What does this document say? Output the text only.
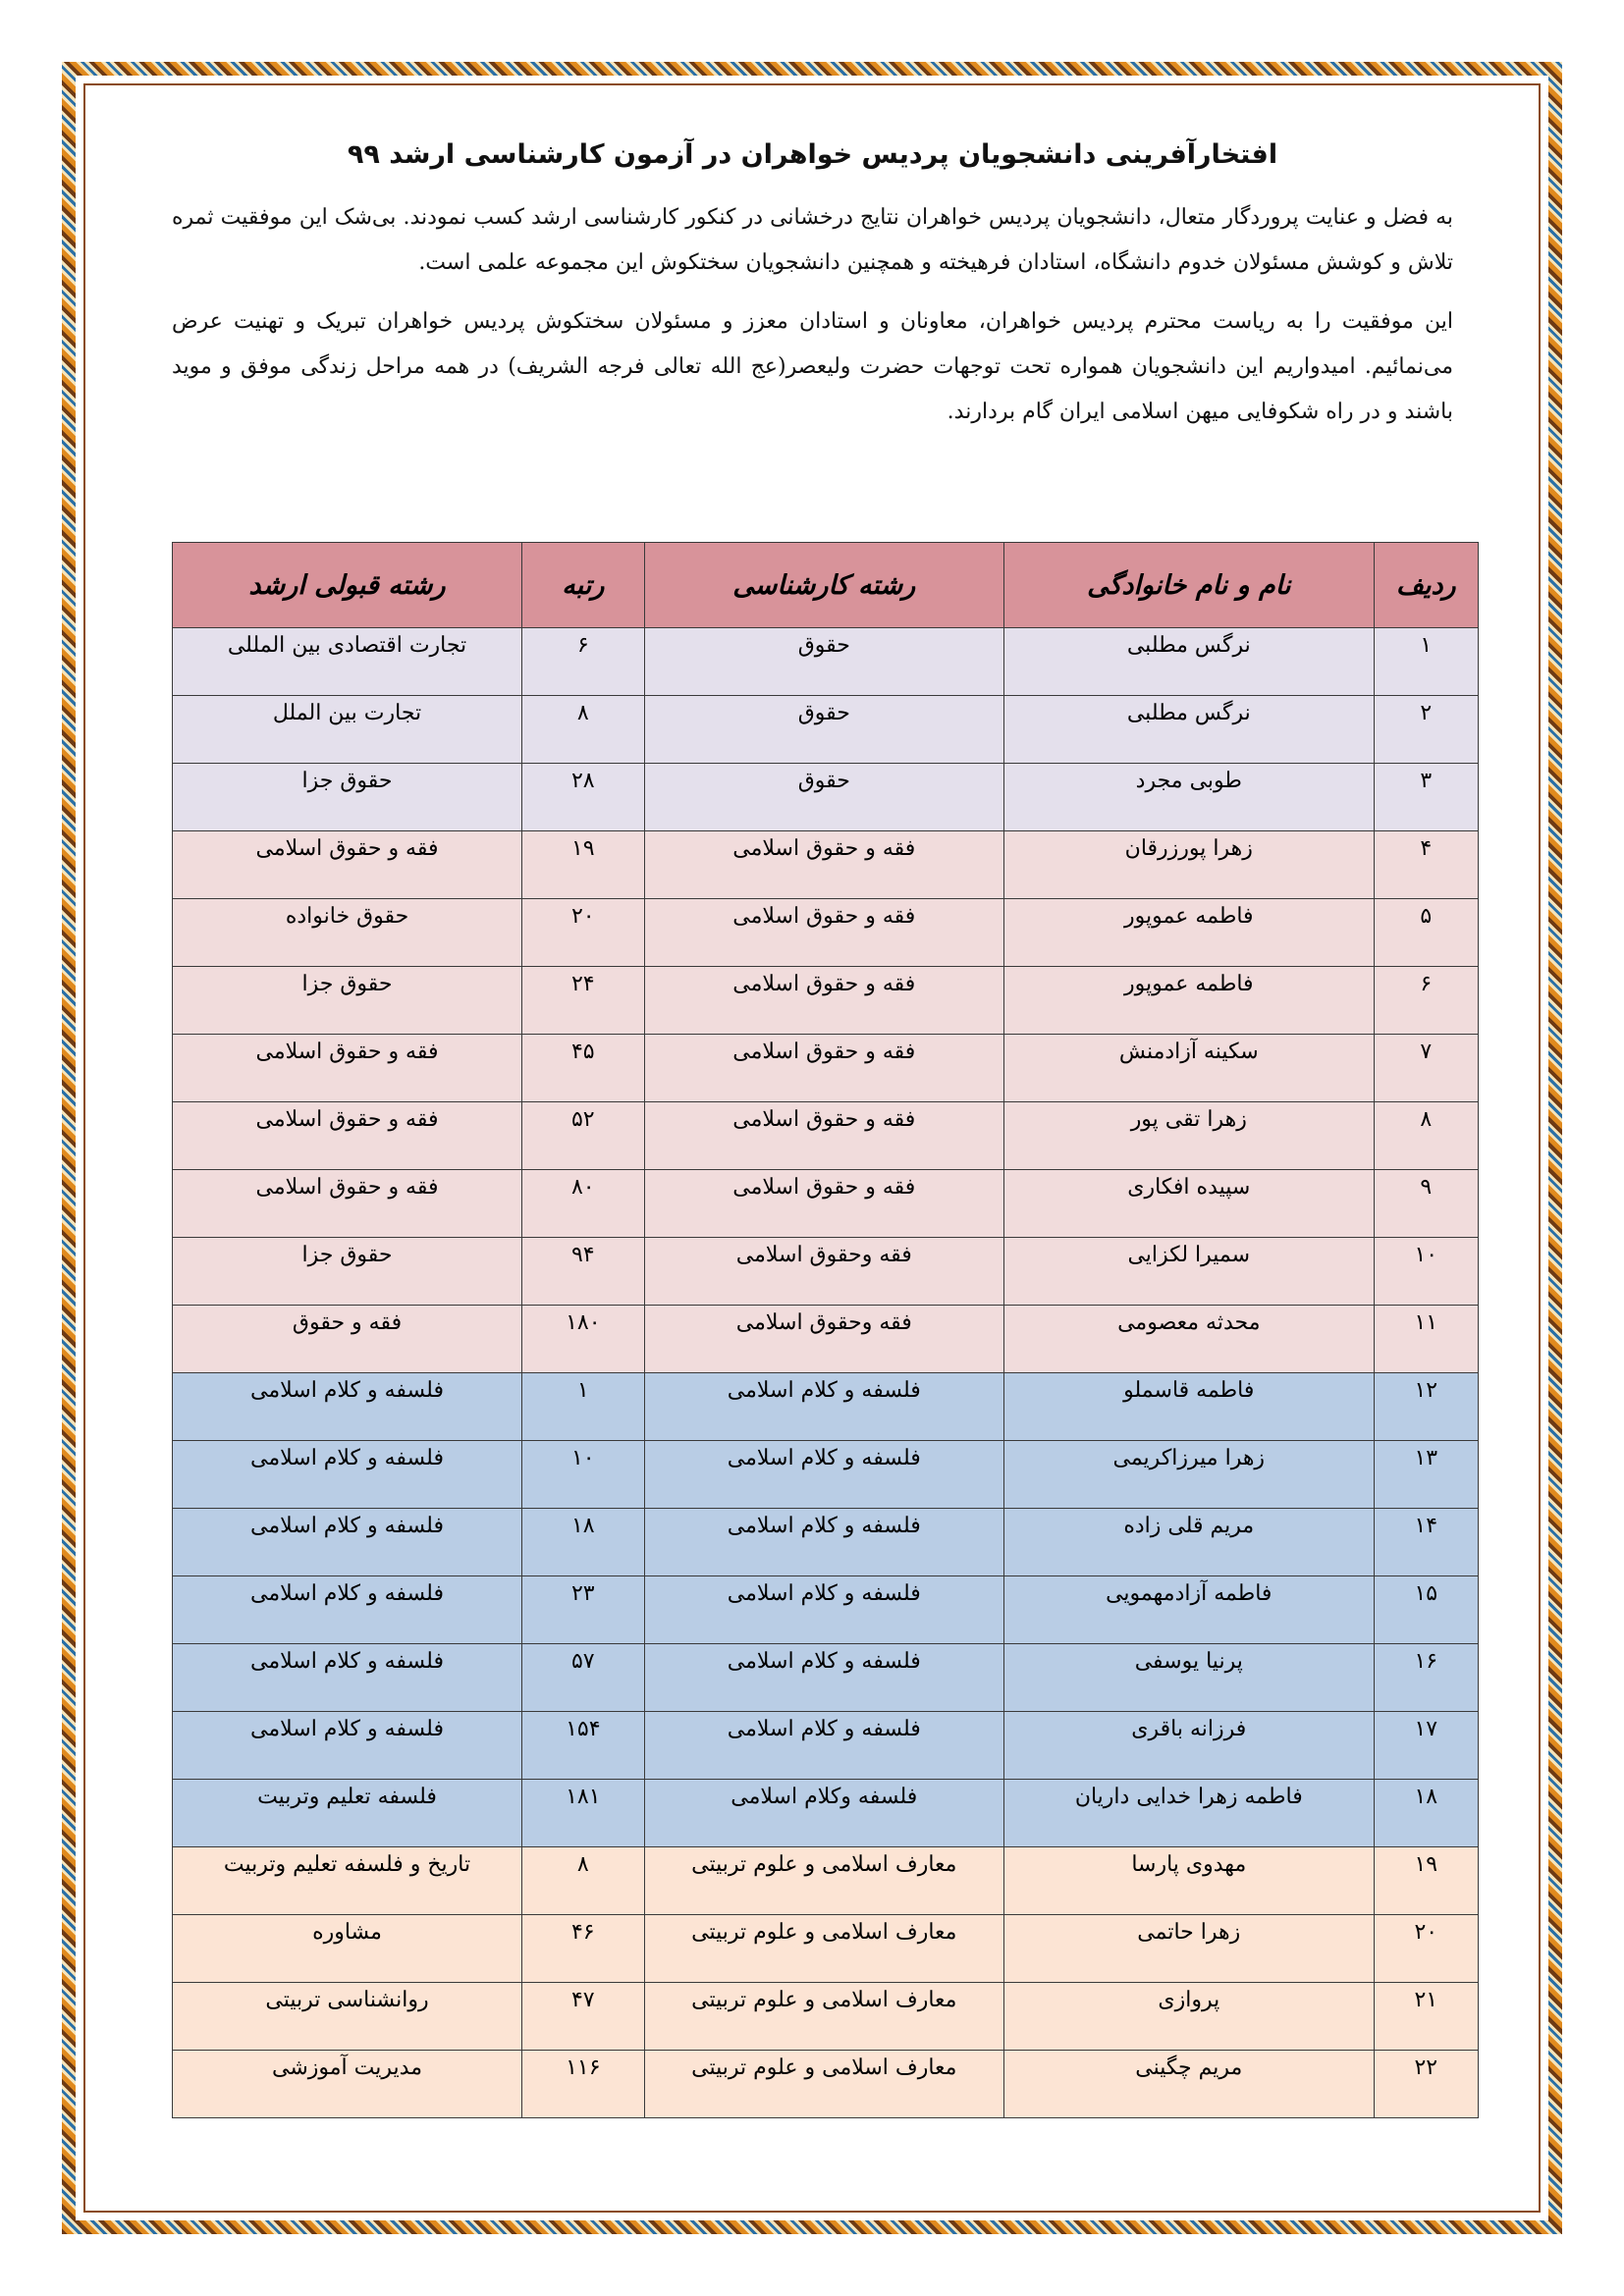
افتخارآفرینی دانشجویان پردیس خواهران در آزمون کارشناسی ارشد ۹۹

به فضل و عنایت پروردگار متعال، دانشجویان پردیس خواهران نتایج درخشانی در کنکور کارشناسی ارشد کسب نمودند. بی‌شک این موفقیت ثمره تلاش و کوشش مسئولان خدوم دانشگاه، استادان فرهیخته و همچنین دانشجویان سختکوش این مجموعه علمی است.

این موفقیت را به ریاست محترم پردیس خواهران، معاونان و استادان معزز و مسئولان سختکوش پردیس خواهران تبریک و تهنیت عرض می‌نمائیم. امیدواریم این دانشجویان همواره تحت توجهات حضرت ولیعصر(عج الله تعالی فرجه الشریف) در همه مراحل زندگی موفق و موید باشند و در راه شکوفایی میهن اسلامی ایران گام بردارند.

ردیف	نام و نام خانوادگی	رشته کارشناسی	رتبه	رشته قبولی ارشد
۱	نرگس مطلبی	حقوق	۶	تجارت اقتصادی بین المللی
۲	نرگس مطلبی	حقوق	۸	تجارت بین الملل
۳	طوبی مجرد	حقوق	۲۸	حقوق جزا
۴	زهرا پورزرقان	فقه و حقوق اسلامی	۱۹	فقه و حقوق اسلامی
۵	فاطمه عموپور	فقه و حقوق اسلامی	۲۰	حقوق خانواده
۶	فاطمه عموپور	فقه و حقوق اسلامی	۲۴	حقوق جزا
۷	سکینه آزادمنش	فقه و حقوق اسلامی	۴۵	فقه و حقوق اسلامی
۸	زهرا تقی پور	فقه و حقوق اسلامی	۵۲	فقه و حقوق اسلامی
۹	سپیده افکاری	فقه و حقوق اسلامی	۸۰	فقه و حقوق اسلامی
۱۰	سمیرا لکزایی	فقه وحقوق اسلامی	۹۴	حقوق جزا
۱۱	محدثه معصومی	فقه وحقوق اسلامی	۱۸۰	فقه و حقوق
۱۲	فاطمه قاسملو	فلسفه و کلام اسلامی	۱	فلسفه و کلام اسلامی
۱۳	زهرا میرزاکریمی	فلسفه و کلام اسلامی	۱۰	فلسفه و کلام اسلامی
۱۴	مریم قلی زاده	فلسفه و کلام اسلامی	۱۸	فلسفه و کلام اسلامی
۱۵	فاطمه آزادمهمویی	فلسفه و کلام اسلامی	۲۳	فلسفه و کلام اسلامی
۱۶	پرنیا یوسفی	فلسفه و کلام اسلامی	۵۷	فلسفه و کلام اسلامی
۱۷	فرزانه باقری	فلسفه و کلام اسلامی	۱۵۴	فلسفه و کلام اسلامی
۱۸	فاطمه زهرا خدایی داریان	فلسفه وکلام اسلامی	۱۸۱	فلسفه تعلیم وتربیت
۱۹	مهدوی پارسا	معارف اسلامی و علوم تربیتی	۸	تاریخ و فلسفه تعلیم وتربیت
۲۰	زهرا حاتمی	معارف اسلامی و علوم تربیتی	۴۶	مشاوره
۲۱	پروازی	معارف اسلامی و علوم تربیتی	۴۷	روانشناسی تربیتی
۲۲	مریم چگینی	معارف اسلامی و علوم تربیتی	۱۱۶	مدیریت آموزشی
